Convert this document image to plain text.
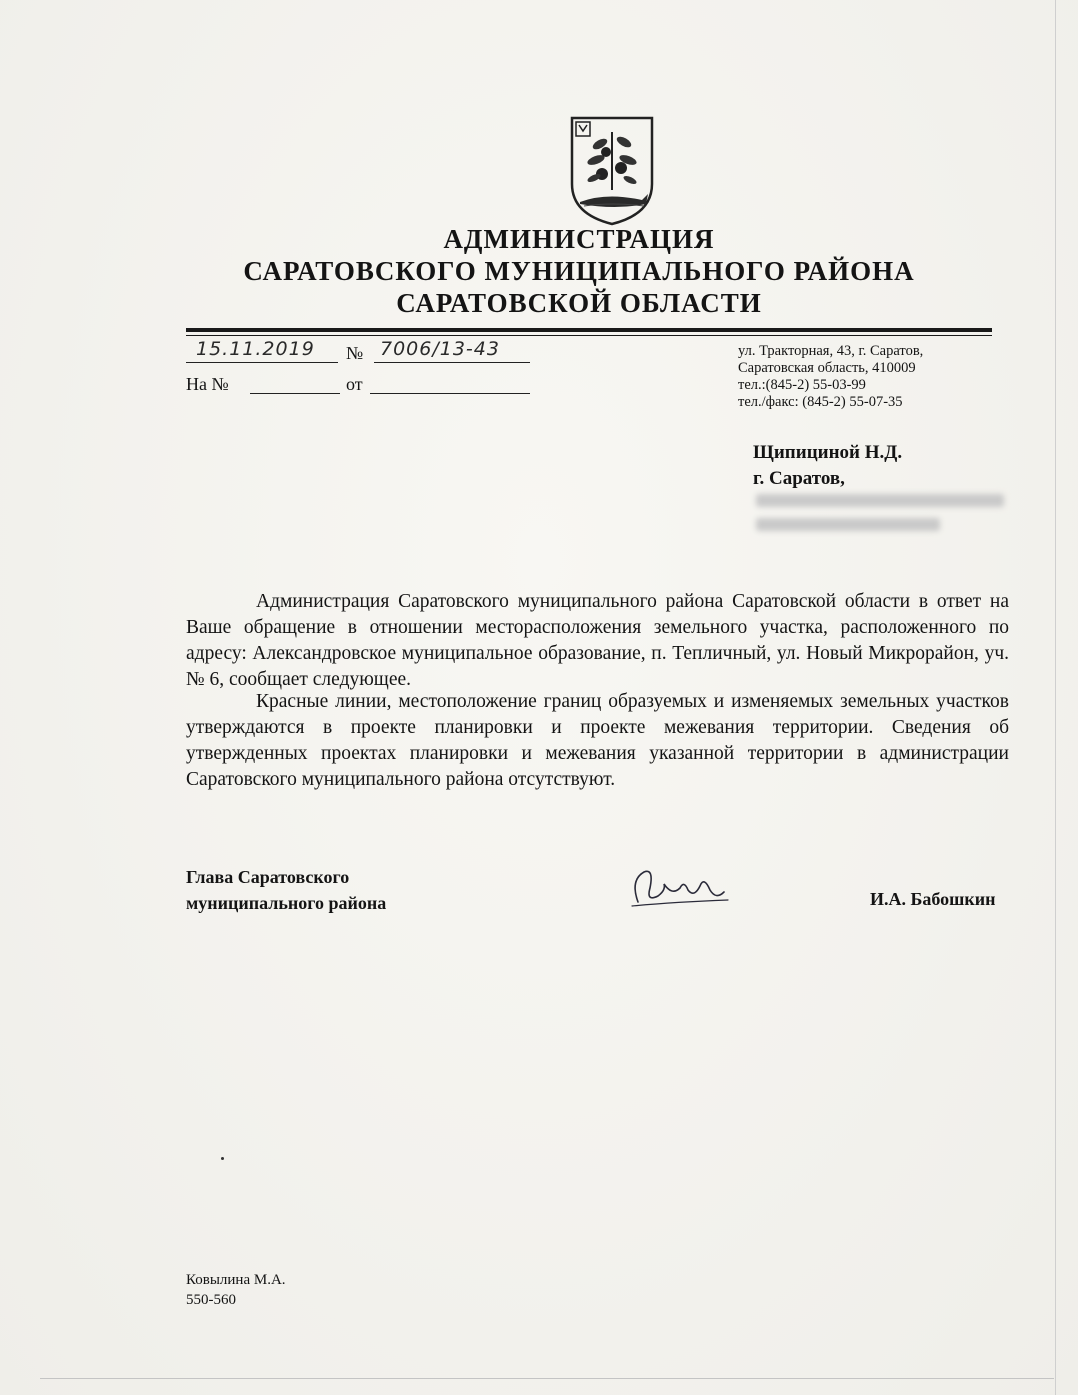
АДМИНИСТРАЦИЯ
САРАТОВСКОГО МУНИЦИПАЛЬНОГО РАЙОНА
САРАТОВСКОЙ ОБЛАСТИ
15.11.2019 № 7006/13-43
На №	от
ул. Тракторная, 43, г. Саратов,
Саратовская область, 410009
тел.:(845-2) 55-03-99
тел./факс: (845-2) 55-07-35
Щипициной Н.Д.
г. Саратов,

Администрация Саратовского муниципального района Саратовской области в ответ на Ваше обращение в отношении месторасположения земельного участка, расположенного по адресу: Александровское муниципальное образование, п. Тепличный, ул. Новый Микрорайон, уч. № 6, сообщает следующее.

Красные линии, местоположение границ образуемых и изменяемых земельных участков утверждаются в проекте планировки и проекте межевания территории. Сведения об утвержденных проектах планировки и межевания указанной территории в администрации Саратовского муниципального района отсутствуют.

Глава Саратовского
муниципального района	И.А. Бабошкин
Ковылина М.А.
550-560
